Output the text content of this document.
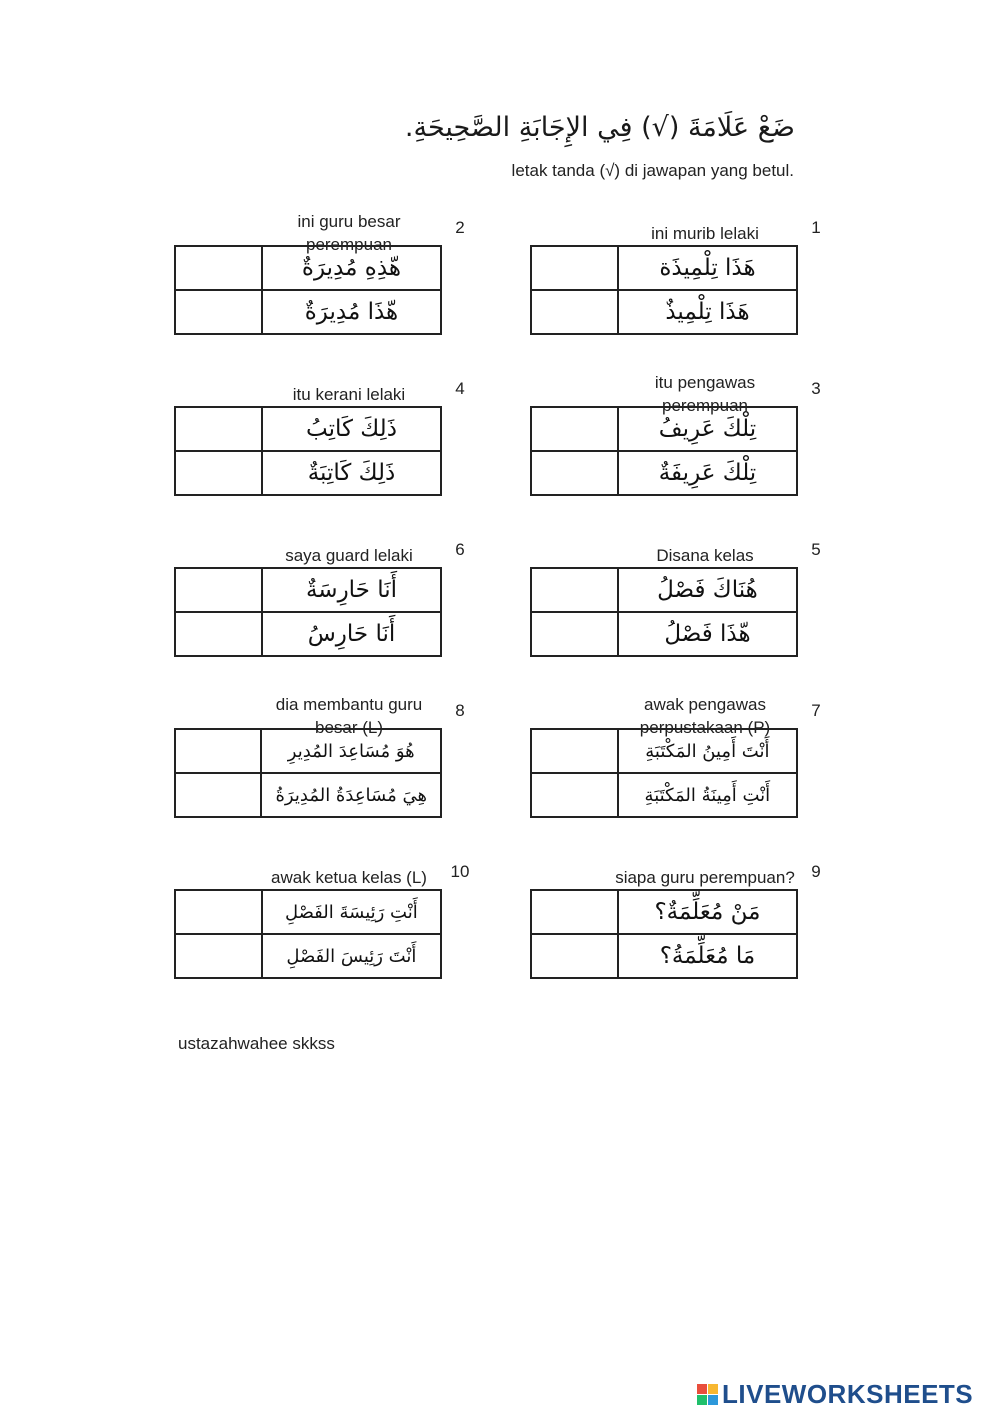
ضَعْ عَلَامَةَ (√) فِي الإِجَابَةِ الصَّحِيحَةِ.
letak tanda (√) di jawapan yang betul.
ini murib lelaki	1
	هَذَا تِلْمِيذَة
	هَذَا تِلْمِيذٌ
ini guru besar perempuan
2
	هّذِهِ مُدِيرَةٌ
	هّذَا مُدِيرَةٌ
itu pengawas perempuan
3
	تِلْكَ عَرِيفُ
	تِلْكَ عَرِيفَةٌ
itu kerani lelaki	4
	ذَلِكَ كَاتِبُ
	ذَلِكَ كَاتِبَةٌ
Disana kelas	5
	هُنَاكَ فَصْلُ
	هّذَا فَصْلُ
saya guard lelaki	6
	أَنَا حَارِسَةٌ
	أَنَا حَارِسُ
awak pengawas perpustakaan (P)
7
	أَنْتَ أَمِينُ المَكْتَبَةِ
	أَنْتِ أَمِينَةُ المَكْتَبَةِ
dia membantu guru besar (L)
8
	هُوَ مُسَاعِدَ المُدِيرِ
	هِيَ مُسَاعِدَةُ المُدِيرَةُ
siapa guru perempuan? 9
	مَنْ مُعَلِّمَةٌ؟
	مَا مُعَلِّمَةُ؟
awak ketua kelas (L)	10
	أَنْتِ رَئِيسَةَ الفَصْلِ
	أَنْتَ رَئِيسَ الفَصْلِ
ustazahwahee skkss
LIVEWORKSHEETS
